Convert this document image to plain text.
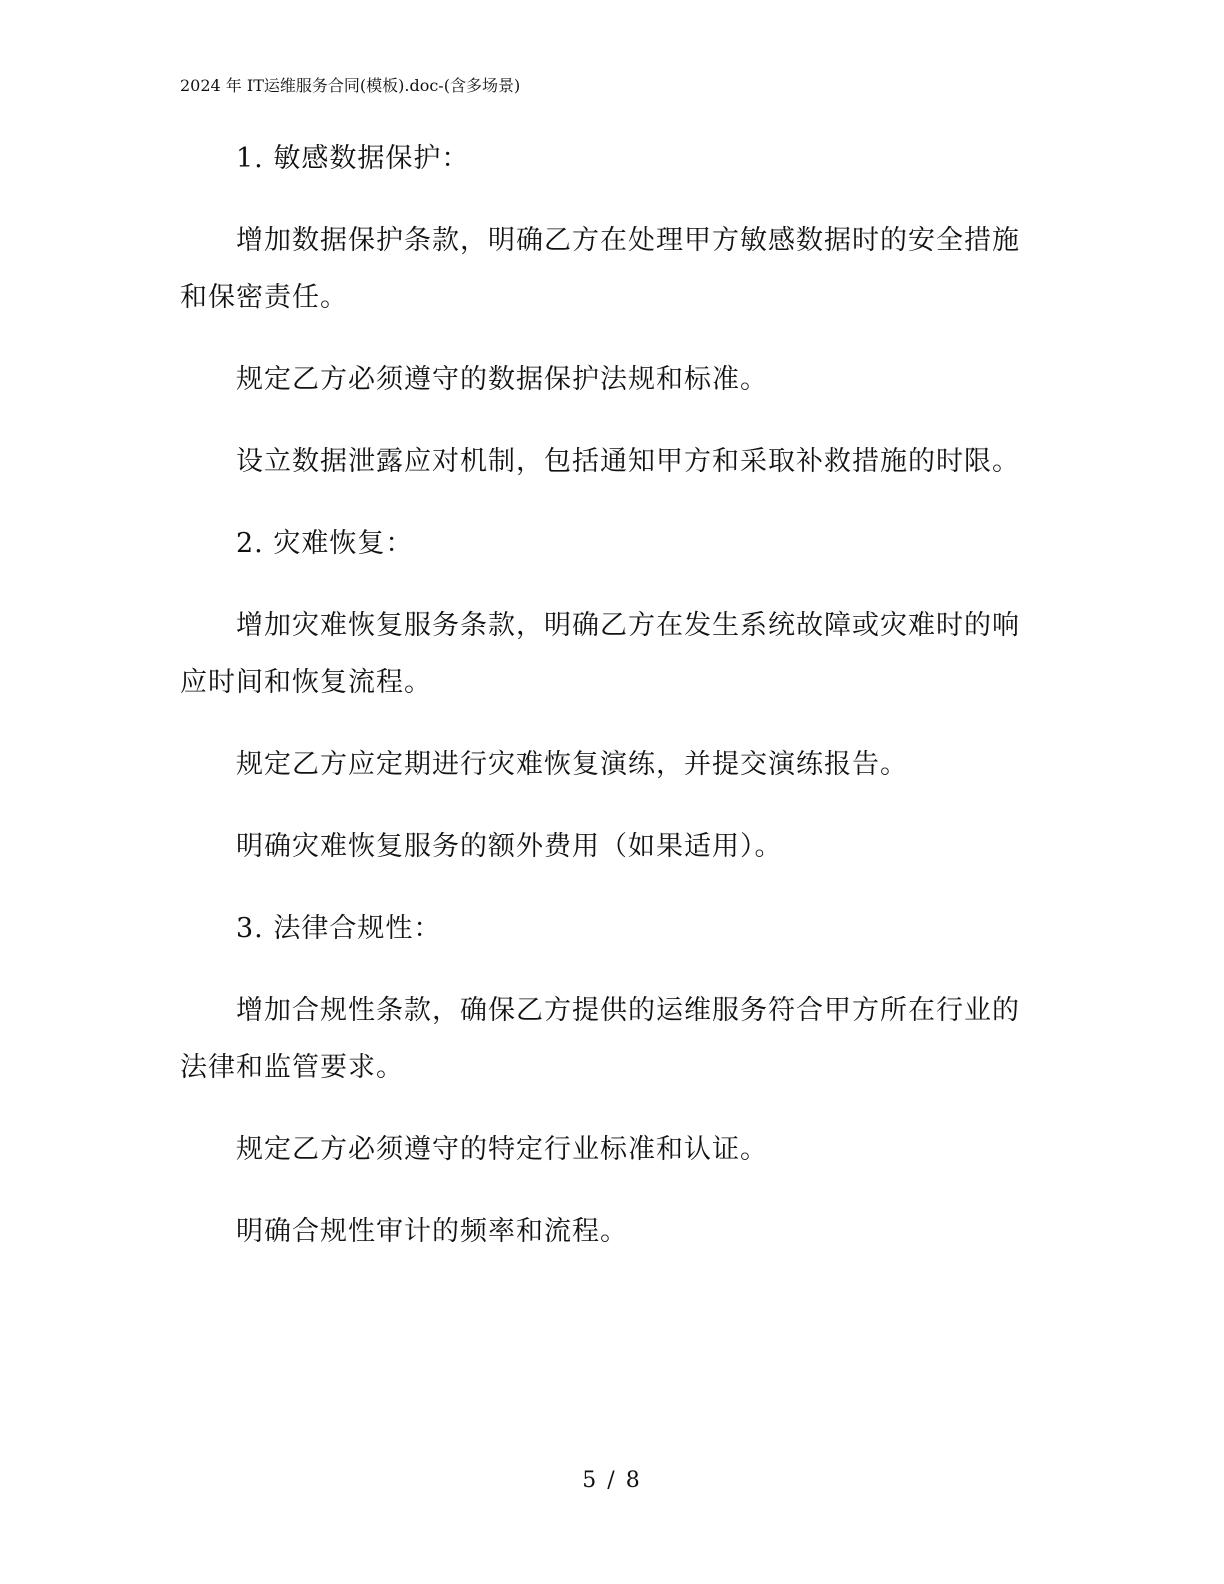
2024 年 IT运维服务合同(模板).doc-(含多场景)

1. 敏感数据保护：

增加数据保护条款，明确乙方在处理甲方敏感数据时的安全措施和保密责任。

规定乙方必须遵守的数据保护法规和标准。

设立数据泄露应对机制，包括通知甲方和采取补救措施的时限。

2. 灾难恢复：

增加灾难恢复服务条款，明确乙方在发生系统故障或灾难时的响应时间和恢复流程。

规定乙方应定期进行灾难恢复演练，并提交演练报告。

明确灾难恢复服务的额外费用（如果适用）。

3. 法律合规性：

增加合规性条款，确保乙方提供的运维服务符合甲方所在行业的法律和监管要求。

规定乙方必须遵守的特定行业标准和认证。

明确合规性审计的频率和流程。

5 / 8
